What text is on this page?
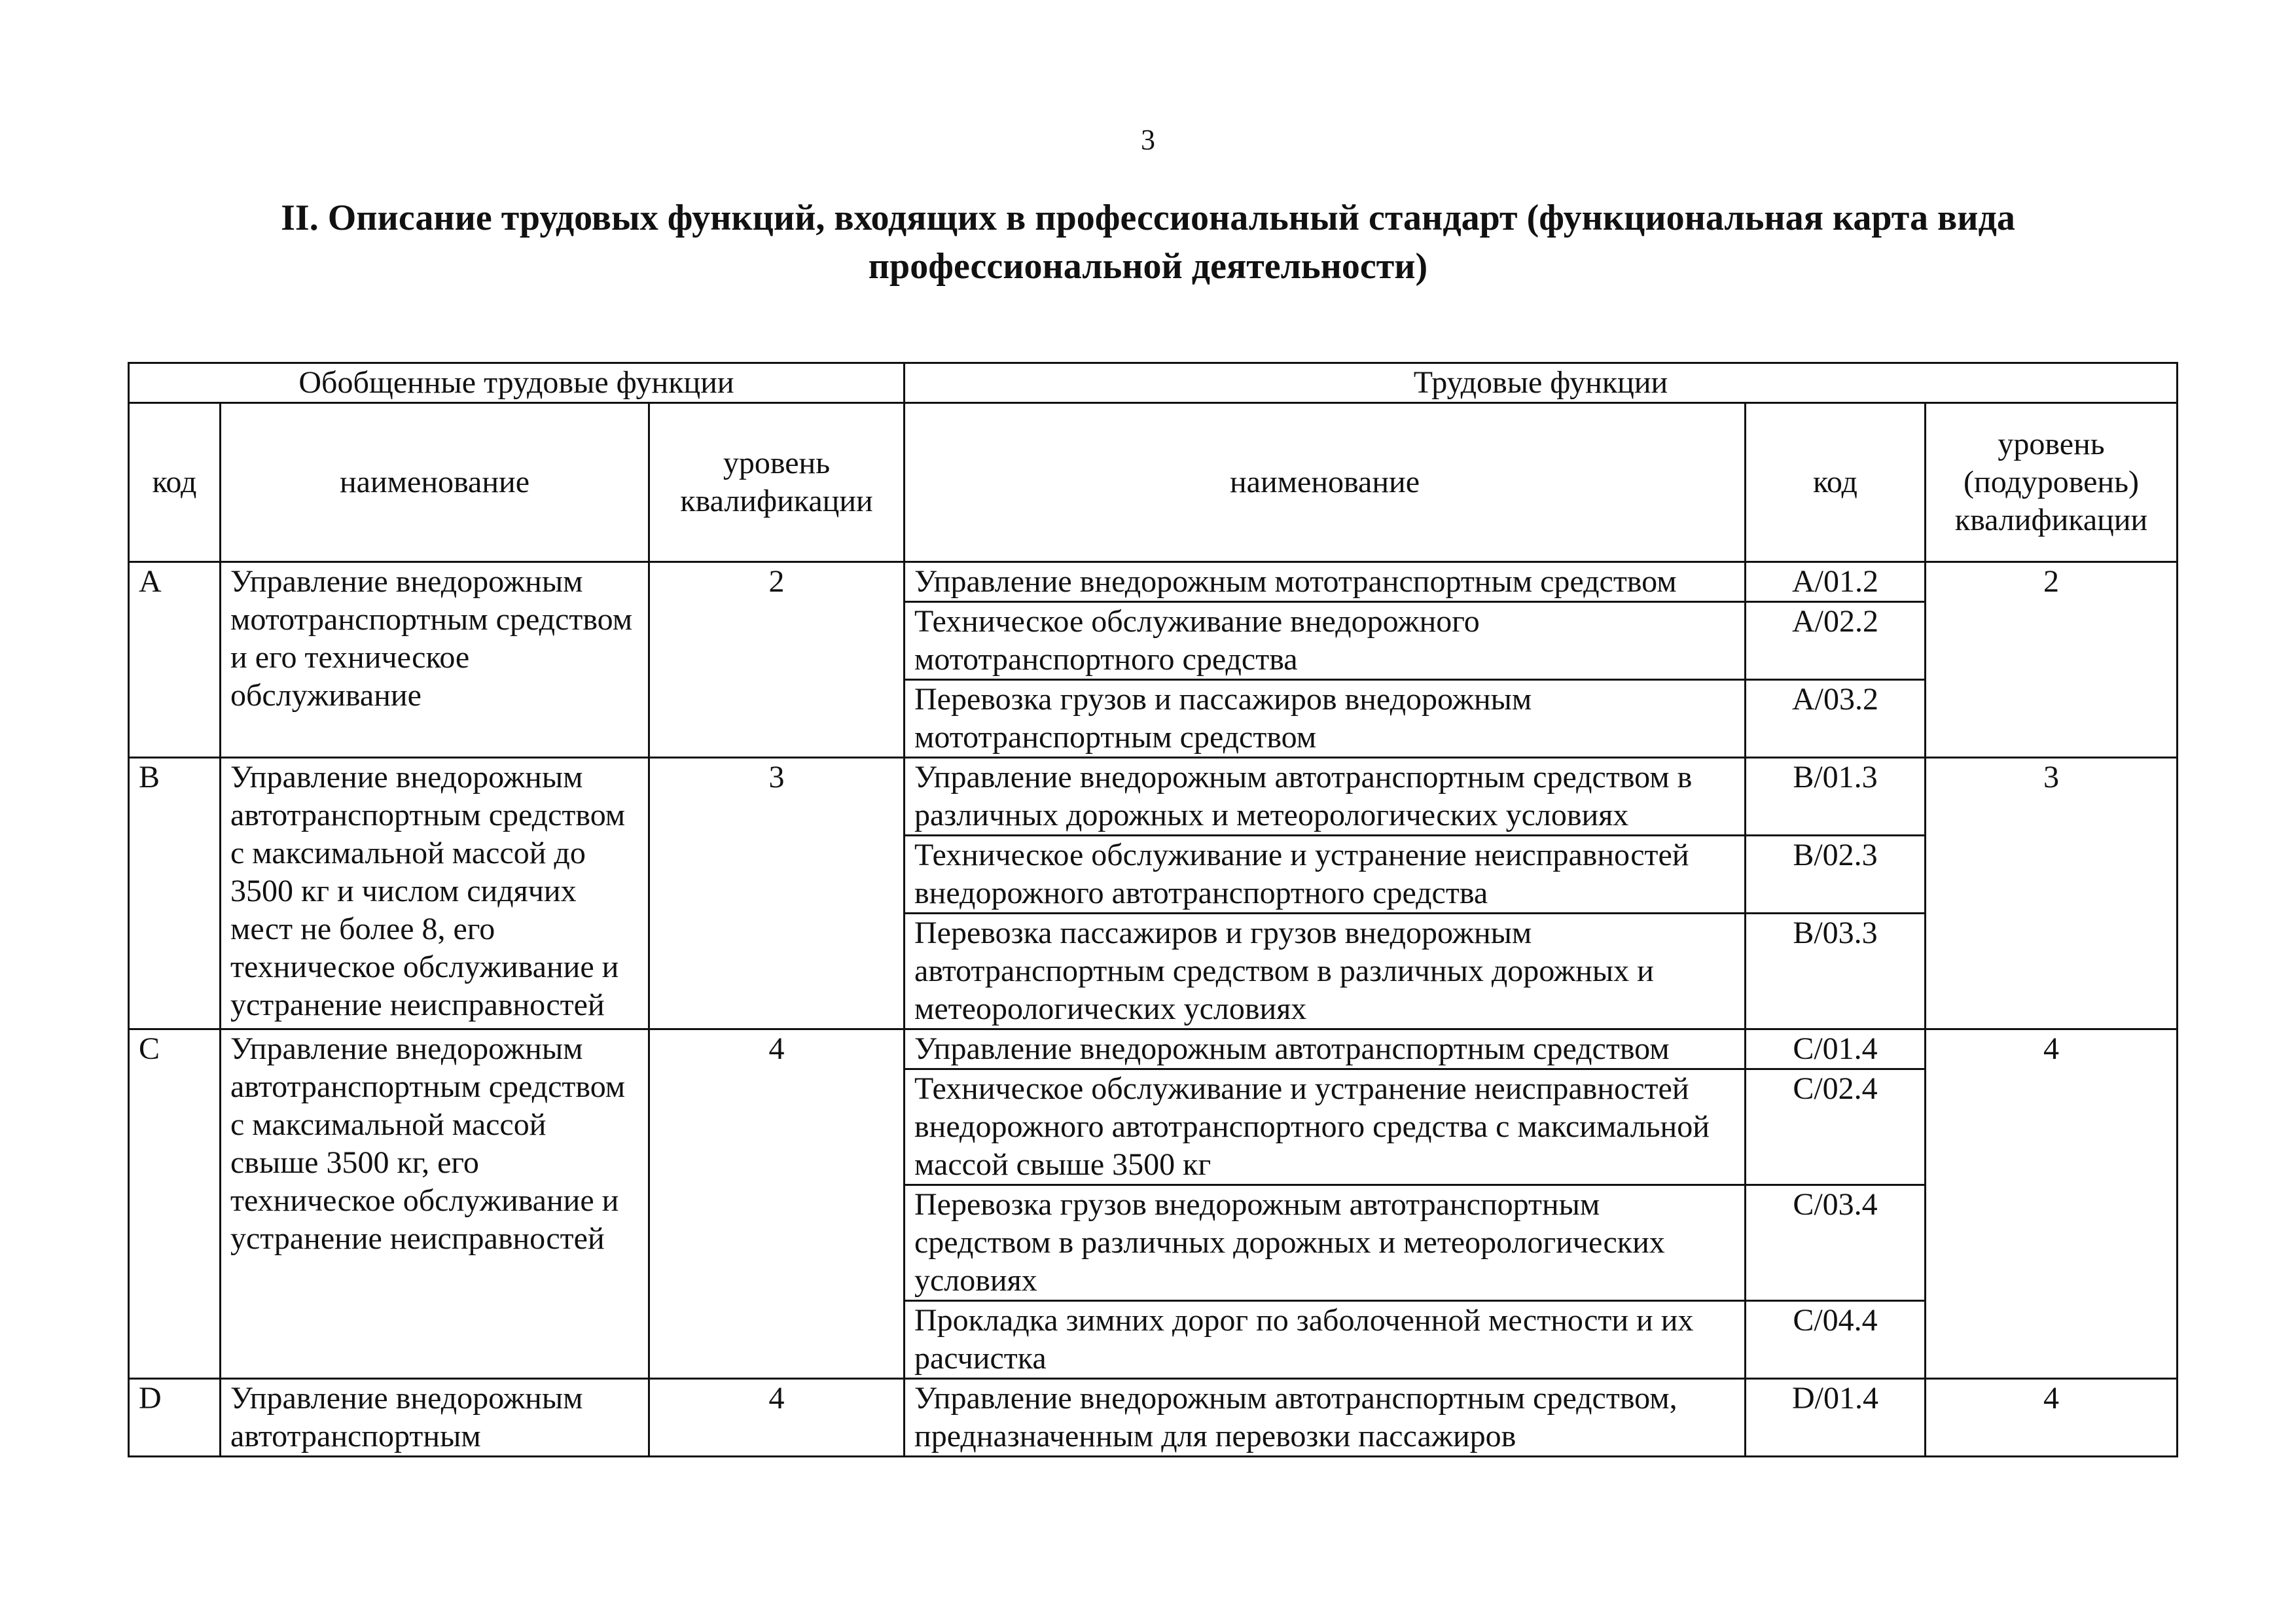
3
II. Описание трудовых функций, входящих в профессиональный стандарт (функциональная карта вида
профессиональной деятельности)
Обобщенные трудовые функции			Трудовые функции		
код	наименование	уровень квалификации	наименование	код	уровень
(подуровень)
квалификации

A	Управление внедорожным мототранспортным средством и его техническое обслуживание	2	Управление внедорожным мототранспортным средством	A/01.2	2
			Техническое обслуживание внедорожного мототранспортного средства	A/02.2	
			Перевозка грузов и пассажиров внедорожным мототранспортным средством	A/03.2	
B	Управление внедорожным автотранспортным средством с максимальной массой до 3500 кг и числом сидячих мест не более 8, его техническое обслуживание и устранение неисправностей	3	Управление внедорожным автотранспортным средством в различных дорожных и метеорологических условиях	B/01.3	3
			Техническое обслуживание и устранение неисправностей внедорожного автотранспортного средства	B/02.3	
			Перевозка пассажиров и грузов внедорожным автотранспортным средством в различных дорожных и метеорологических условиях	B/03.3	
C	Управление внедорожным автотранспортным средством с максимальной массой свыше 3500 кг, его техническое обслуживание и устранение неисправностей	4	Управление внедорожным автотранспортным средством	C/01.4	4
			Техническое обслуживание и устранение неисправностей внедорожного автотранспортного средства с максимальной массой свыше 3500 кг	C/02.4	
			Перевозка грузов внедорожным автотранспортным средством в различных дорожных и метеорологических условиях	C/03.4	
			Прокладка зимних дорог по заболоченной местности и их расчистка	C/04.4	
D	Управление внедорожным автотранспортным	4	Управление внедорожным автотранспортным средством, предназначенным для перевозки пассажиров	D/01.4	4
